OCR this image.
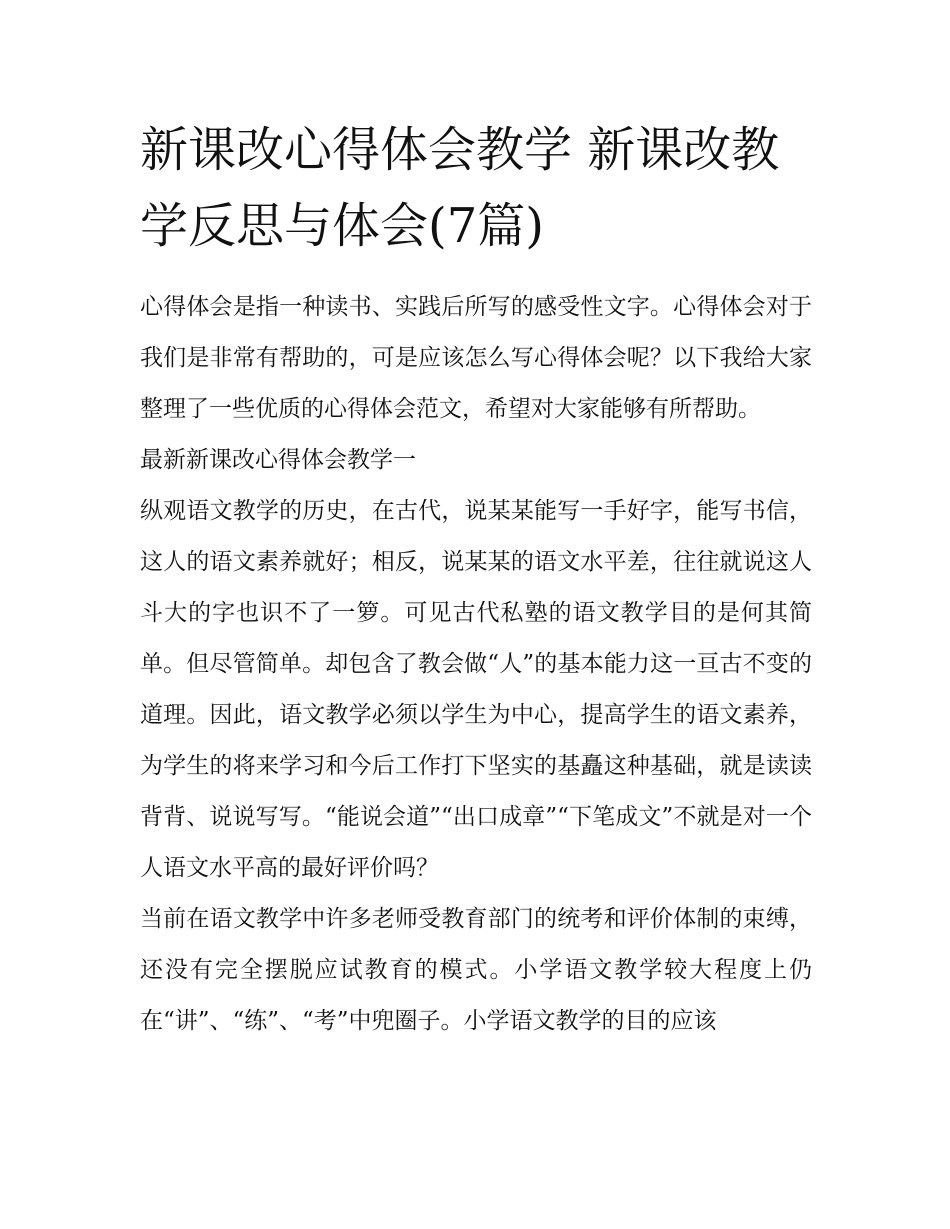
新课改心得体会教学 新课改教学反思与体会(7篇)

心得体会是指一种读书、实践后所写的感受性文字。心得体会对于我们是非常有帮助的，可是应该怎么写心得体会呢？以下我给大家整理了一些优质的心得体会范文，希望对大家能够有所帮助。

最新新课改心得体会教学一

纵观语文教学的历史，在古代，说某某能写一手好字，能写书信，这人的语文素养就好；相反，说某某的语文水平差，往往就说这人斗大的字也识不了一箩。可见古代私塾的语文教学目的是何其简单。但尽管简单。却包含了教会做“人”的基本能力这一亘古不变的道理。因此，语文教学必须以学生为中心，提高学生的语文素养，为学生的将来学习和今后工作打下坚实的基矗这种基础，就是读读背背、说说写写。“能说会道”“出口成章”“下笔成文”不就是对一个人语文水平高的最好评价吗？

当前在语文教学中许多老师受教育部门的统考和评价体制的束缚，还没有完全摆脱应试教育的模式。小学语文教学较大程度上仍在“讲”、“练”、“考”中兜圈子。小学语文教学的目的应该
